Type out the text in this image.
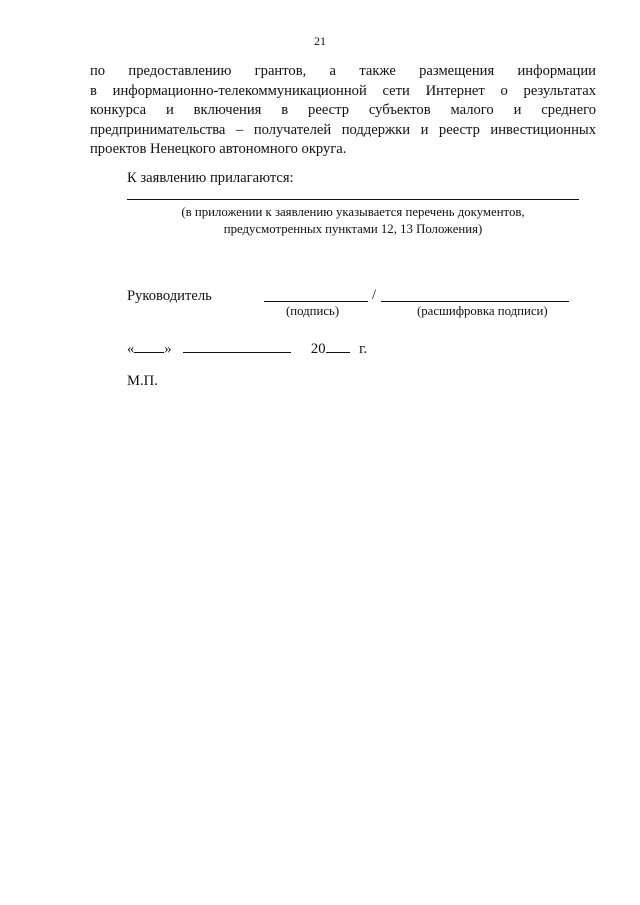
21
по предоставлению грантов, а также размещения информации
в информационно-телекоммуникационной сети Интернет о результатах
конкурса и включения в реестр субъектов малого и среднего
предпринимательства – получателей поддержки и реестр инвестиционных
проектов Ненецкого автономного округа.
К заявлению прилагаются:
(в приложении к заявлению указывается перечень документов,
предусмотренных пунктами 12, 13 Положения)
Руководитель	/
(подпись)	(расшифровка подписи)
« »	20 г.
М.П.
